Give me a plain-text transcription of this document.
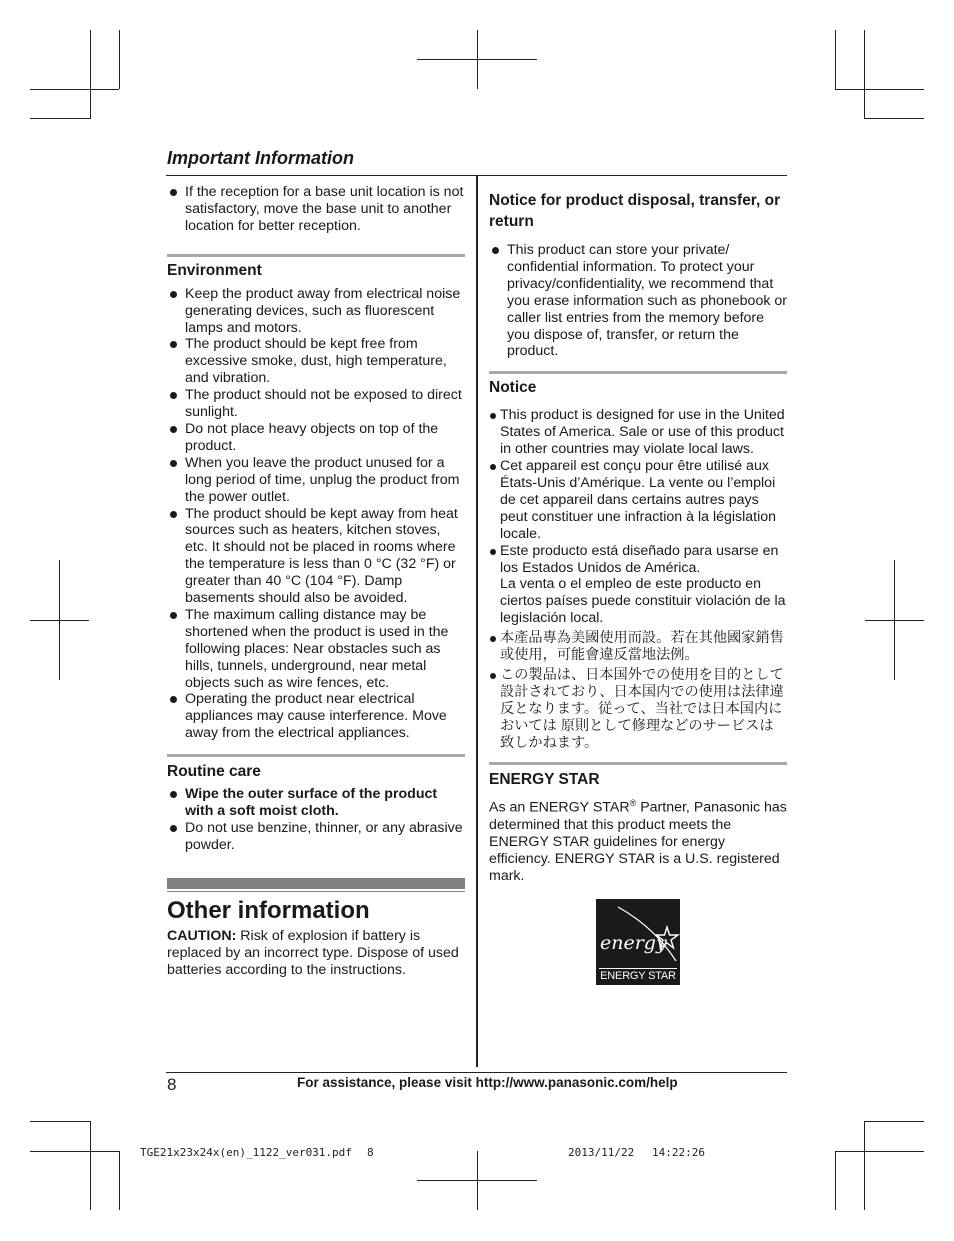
Important Information
If the reception for a base unit location is not satisfactory, move the base unit to another location for better reception.
Environment
Keep the product away from electrical noise generating devices, such as fluorescent lamps and motors.
The product should be kept free from excessive smoke, dust, high temperature, and vibration.
The product should not be exposed to direct sunlight.
Do not place heavy objects on top of the product.
When you leave the product unused for a long period of time, unplug the product from the power outlet.
The product should be kept away from heat sources such as heaters, kitchen stoves, etc. It should not be placed in rooms where the temperature is less than 0 °C (32 °F) or greater than 40 °C (104 °F). Damp basements should also be avoided.
The maximum calling distance may be shortened when the product is used in the following places: Near obstacles such as hills, tunnels, underground, near metal objects such as wire fences, etc.
Operating the product near electrical appliances may cause interference. Move away from the electrical appliances.
Routine care
Wipe the outer surface of the product with a soft moist cloth.
Do not use benzine, thinner, or any abrasive powder.
Other information
CAUTION: Risk of explosion if battery is replaced by an incorrect type. Dispose of used batteries according to the instructions.
Notice for product disposal, transfer, or return
This product can store your private/ confidential information. To protect your privacy/confidentiality, we recommend that you erase information such as phonebook or caller list entries from the memory before you dispose of, transfer, or return the product.
Notice
This product is designed for use in the United States of America. Sale or use of this product in other countries may violate local laws.
Cet appareil est conçu pour être utilisé aux États-Unis d’Amérique. La vente ou l’emploi de cet appareil dans certains autres pays peut constituer une infraction à la législation locale.
Este producto está diseñado para usarse en los Estados Unidos de América.
La venta o el empleo de este producto en ciertos países puede constituir violación de la legislación local.
本產品專為美國使用而設。若在其他國家銷售或使用，可能會違反當地法例。
この製品は、日本国外での使用を目的として設計されており、日本国内での使用は法律違反となります。従って、当社では日本国内においては 原則として修理などのサービスは致しかねます。
ENERGY STAR
As an ENERGY STAR® Partner, Panasonic has determined that this product meets the ENERGY STAR guidelines for energy efficiency. ENERGY STAR is a U.S. registered mark.
energy
ENERGY STAR
8	For assistance, please visit http://www.panasonic.com/help
TGE21x23x24x(en)_1122_ver031.pdf 8	2013/11/22 14:22:26
